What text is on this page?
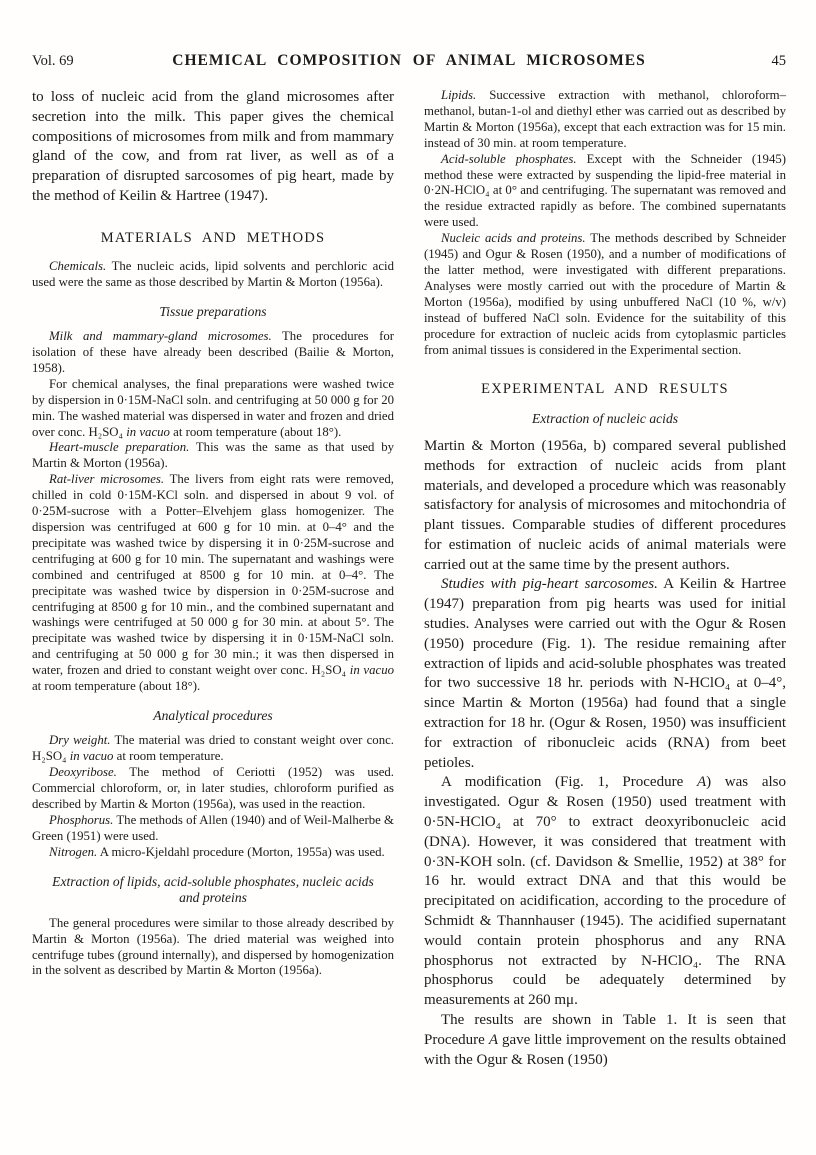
Vol. 69	CHEMICAL COMPOSITION OF ANIMAL MICROSOMES	45
to loss of nucleic acid from the gland microsomes after secretion into the milk. This paper gives the chemical compositions of microsomes from milk and from mammary gland of the cow, and from rat liver, as well as of a preparation of disrupted sarcosomes of pig heart, made by the method of Keilin & Hartree (1947).
MATERIALS AND METHODS
Chemicals. The nucleic acids, lipid solvents and perchloric acid used were the same as those described by Martin & Morton (1956a).
Tissue preparations
Milk and mammary-gland microsomes. The procedures for isolation of these have already been described (Bailie & Morton, 1958).
For chemical analyses, the final preparations were washed twice by dispersion in 0·15M-NaCl soln. and centrifuging at 50 000 g for 20 min. The washed material was dispersed in water and frozen and dried over conc. H₂SO₄ in vacuo at room temperature (about 18°).
Heart-muscle preparation. This was the same as that used by Martin & Morton (1956a).
Rat-liver microsomes. The livers from eight rats were removed, chilled in cold 0·15M-KCl soln. and dispersed in about 9 vol. of 0·25M-sucrose with a Potter–Elvehjem glass homogenizer. The dispersion was centrifuged at 600 g for 10 min. at 0–4° and the precipitate was washed twice by dispersing it in 0·25M-sucrose and centrifuging at 600 g for 10 min. The supernatant and washings were combined and centrifuged at 8500 g for 10 min. at 0–4°. The precipitate was washed twice by dispersion in 0·25M-sucrose and centrifuging at 8500 g for 10 min., and the combined supernatant and washings were centrifuged at 50 000 g for 30 min. at about 5°. The precipitate was washed twice by dispersing it in 0·15M-NaCl soln. and centrifuging at 50 000 g for 30 min.; it was then dispersed in water, frozen and dried to constant weight over conc. H₂SO₄ in vacuo at room temperature (about 18°).
Analytical procedures
Dry weight. The material was dried to constant weight over conc. H₂SO₄ in vacuo at room temperature.
Deoxyribose. The method of Ceriotti (1952) was used. Commercial chloroform, or, in later studies, chloroform purified as described by Martin & Morton (1956a), was used in the reaction.
Phosphorus. The methods of Allen (1940) and of Weil-Malherbe & Green (1951) were used.
Nitrogen. A micro-Kjeldahl procedure (Morton, 1955a) was used.
Extraction of lipids, acid-soluble phosphates, nucleic acids and proteins
The general procedures were similar to those already described by Martin & Morton (1956a). The dried material was weighed into centrifuge tubes (ground internally), and dispersed by homogenization in the solvent as described by Martin & Morton (1956a).
Lipids. Successive extraction with methanol, chloroform–methanol, butan-1-ol and diethyl ether was carried out as described by Martin & Morton (1956a), except that each extraction was for 15 min. instead of 30 min. at room temperature.
Acid-soluble phosphates. Except with the Schneider (1945) method these were extracted by suspending the lipid-free material in 0·2N-HClO₄ at 0° and centrifuging. The supernatant was removed and the residue extracted rapidly as before. The combined supernatants were used.
Nucleic acids and proteins. The methods described by Schneider (1945) and Ogur & Rosen (1950), and a number of modifications of the latter method, were investigated with different preparations. Analyses were mostly carried out with the procedure of Martin & Morton (1956a), modified by using unbuffered NaCl (10 %, w/v) instead of buffered NaCl soln. Evidence for the suitability of this procedure for extraction of nucleic acids from cytoplasmic particles from animal tissues is considered in the Experimental section.
EXPERIMENTAL AND RESULTS
Extraction of nucleic acids
Martin & Morton (1956a, b) compared several published methods for extraction of nucleic acids from plant materials, and developed a procedure which was reasonably satisfactory for analysis of microsomes and mitochondria of plant tissues. Comparable studies of different procedures for estimation of nucleic acids of animal materials were carried out at the same time by the present authors.
Studies with pig-heart sarcosomes. A Keilin & Hartree (1947) preparation from pig hearts was used for initial studies. Analyses were carried out with the Ogur & Rosen (1950) procedure (Fig. 1). The residue remaining after extraction of lipids and acid-soluble phosphates was treated for two successive 18 hr. periods with N-HClO₄ at 0–4°, since Martin & Morton (1956a) had found that a single extraction for 18 hr. (Ogur & Rosen, 1950) was insufficient for extraction of ribonucleic acids (RNA) from beet petioles.
A modification (Fig. 1, Procedure A) was also investigated. Ogur & Rosen (1950) used treatment with 0·5N-HClO₄ at 70° to extract deoxyribonucleic acid (DNA). However, it was considered that treatment with 0·3N-KOH soln. (cf. Davidson & Smellie, 1952) at 38° for 16 hr. would extract DNA and that this would be precipitated on acidification, according to the procedure of Schmidt & Thannhauser (1945). The acidified supernatant would contain protein phosphorus and any RNA phosphorus not extracted by N-HClO₄. The RNA phosphorus could be adequately determined by measurements at 260 mμ.
The results are shown in Table 1. It is seen that Procedure A gave little improvement on the results obtained with the Ogur & Rosen (1950)
